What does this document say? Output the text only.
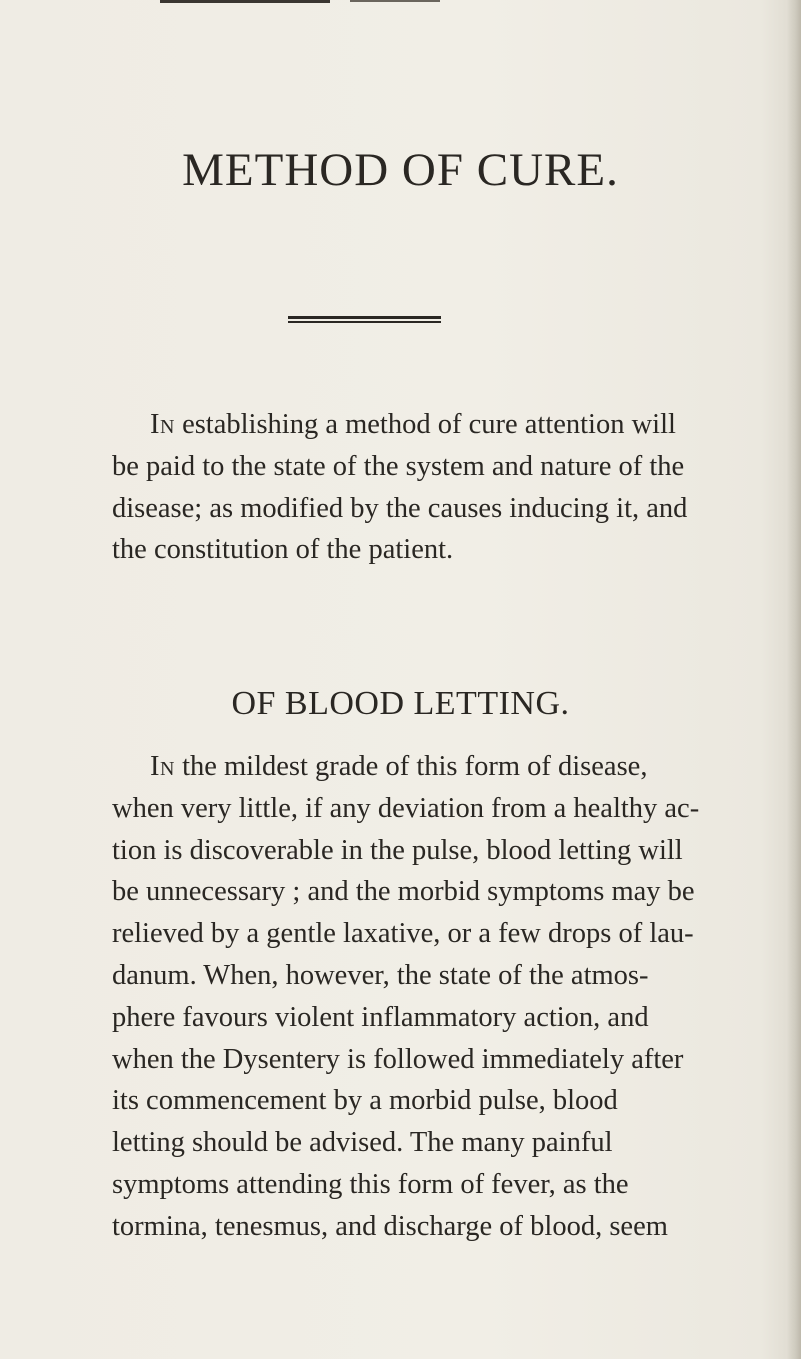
METHOD OF CURE.

In establishing a method of cure attention will
be paid to the state of the system and nature of the
disease; as modified by the causes inducing it, and
the constitution of the patient.

OF BLOOD LETTING.

In the mildest grade of this form of disease,
when very little, if any deviation from a healthy ac-
tion is discoverable in the pulse, blood letting will
be unnecessary ; and the morbid symptoms may be
relieved by a gentle laxative, or a few drops of lau-
danum. When, however, the state of the atmos-
phere favours violent inflammatory action, and
when the Dysentery is followed immediately after
its commencement by a morbid pulse, blood
letting should be advised. The many painful
symptoms attending this form of fever, as the
tormina, tenesmus, and discharge of blood, seem
